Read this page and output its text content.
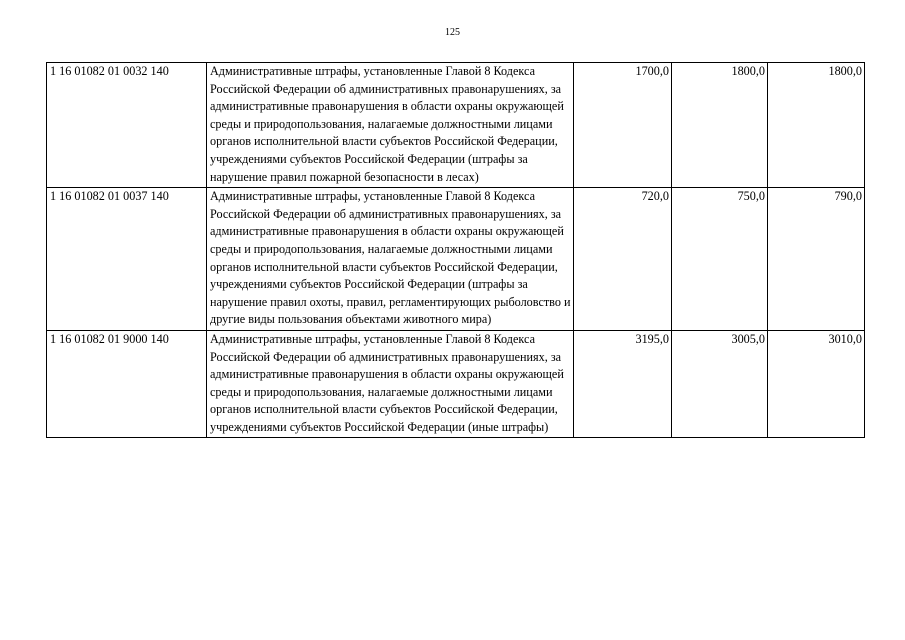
125
1 16 01082 01 0032 140	Административные штрафы, установленные Главой 8 Кодекса Российской Федерации об административных правонарушениях, за административные правонарушения в области охраны окружающей среды и природопользования, налагаемые должностными лицами органов исполнительной власти субъектов Российской Федерации, учреждениями субъектов Российской Федерации (штрафы за нарушение правил пожарной безопасности в лесах)	1700,0	1800,0	1800,0
1 16 01082 01 0037 140	Административные штрафы, установленные Главой 8 Кодекса Российской Федерации об административных правонарушениях, за административные правонарушения в области охраны окружающей среды и природопользования, налагаемые должностными лицами органов исполнительной власти субъектов Российской Федерации, учреждениями субъектов Российской Федерации (штрафы за нарушение правил охоты, правил, регламентирующих рыболовство и другие виды пользования объектами животного мира)	720,0	750,0	790,0
1 16 01082 01 9000 140	Административные штрафы, установленные Главой 8 Кодекса Российской Федерации об административных правонарушениях, за административные правонарушения в области охраны окружающей среды и природопользования, налагаемые должностными лицами органов исполнительной власти субъектов Российской Федерации, учреждениями субъектов Российской Федерации (иные штрафы)	3195,0	3005,0	3010,0
